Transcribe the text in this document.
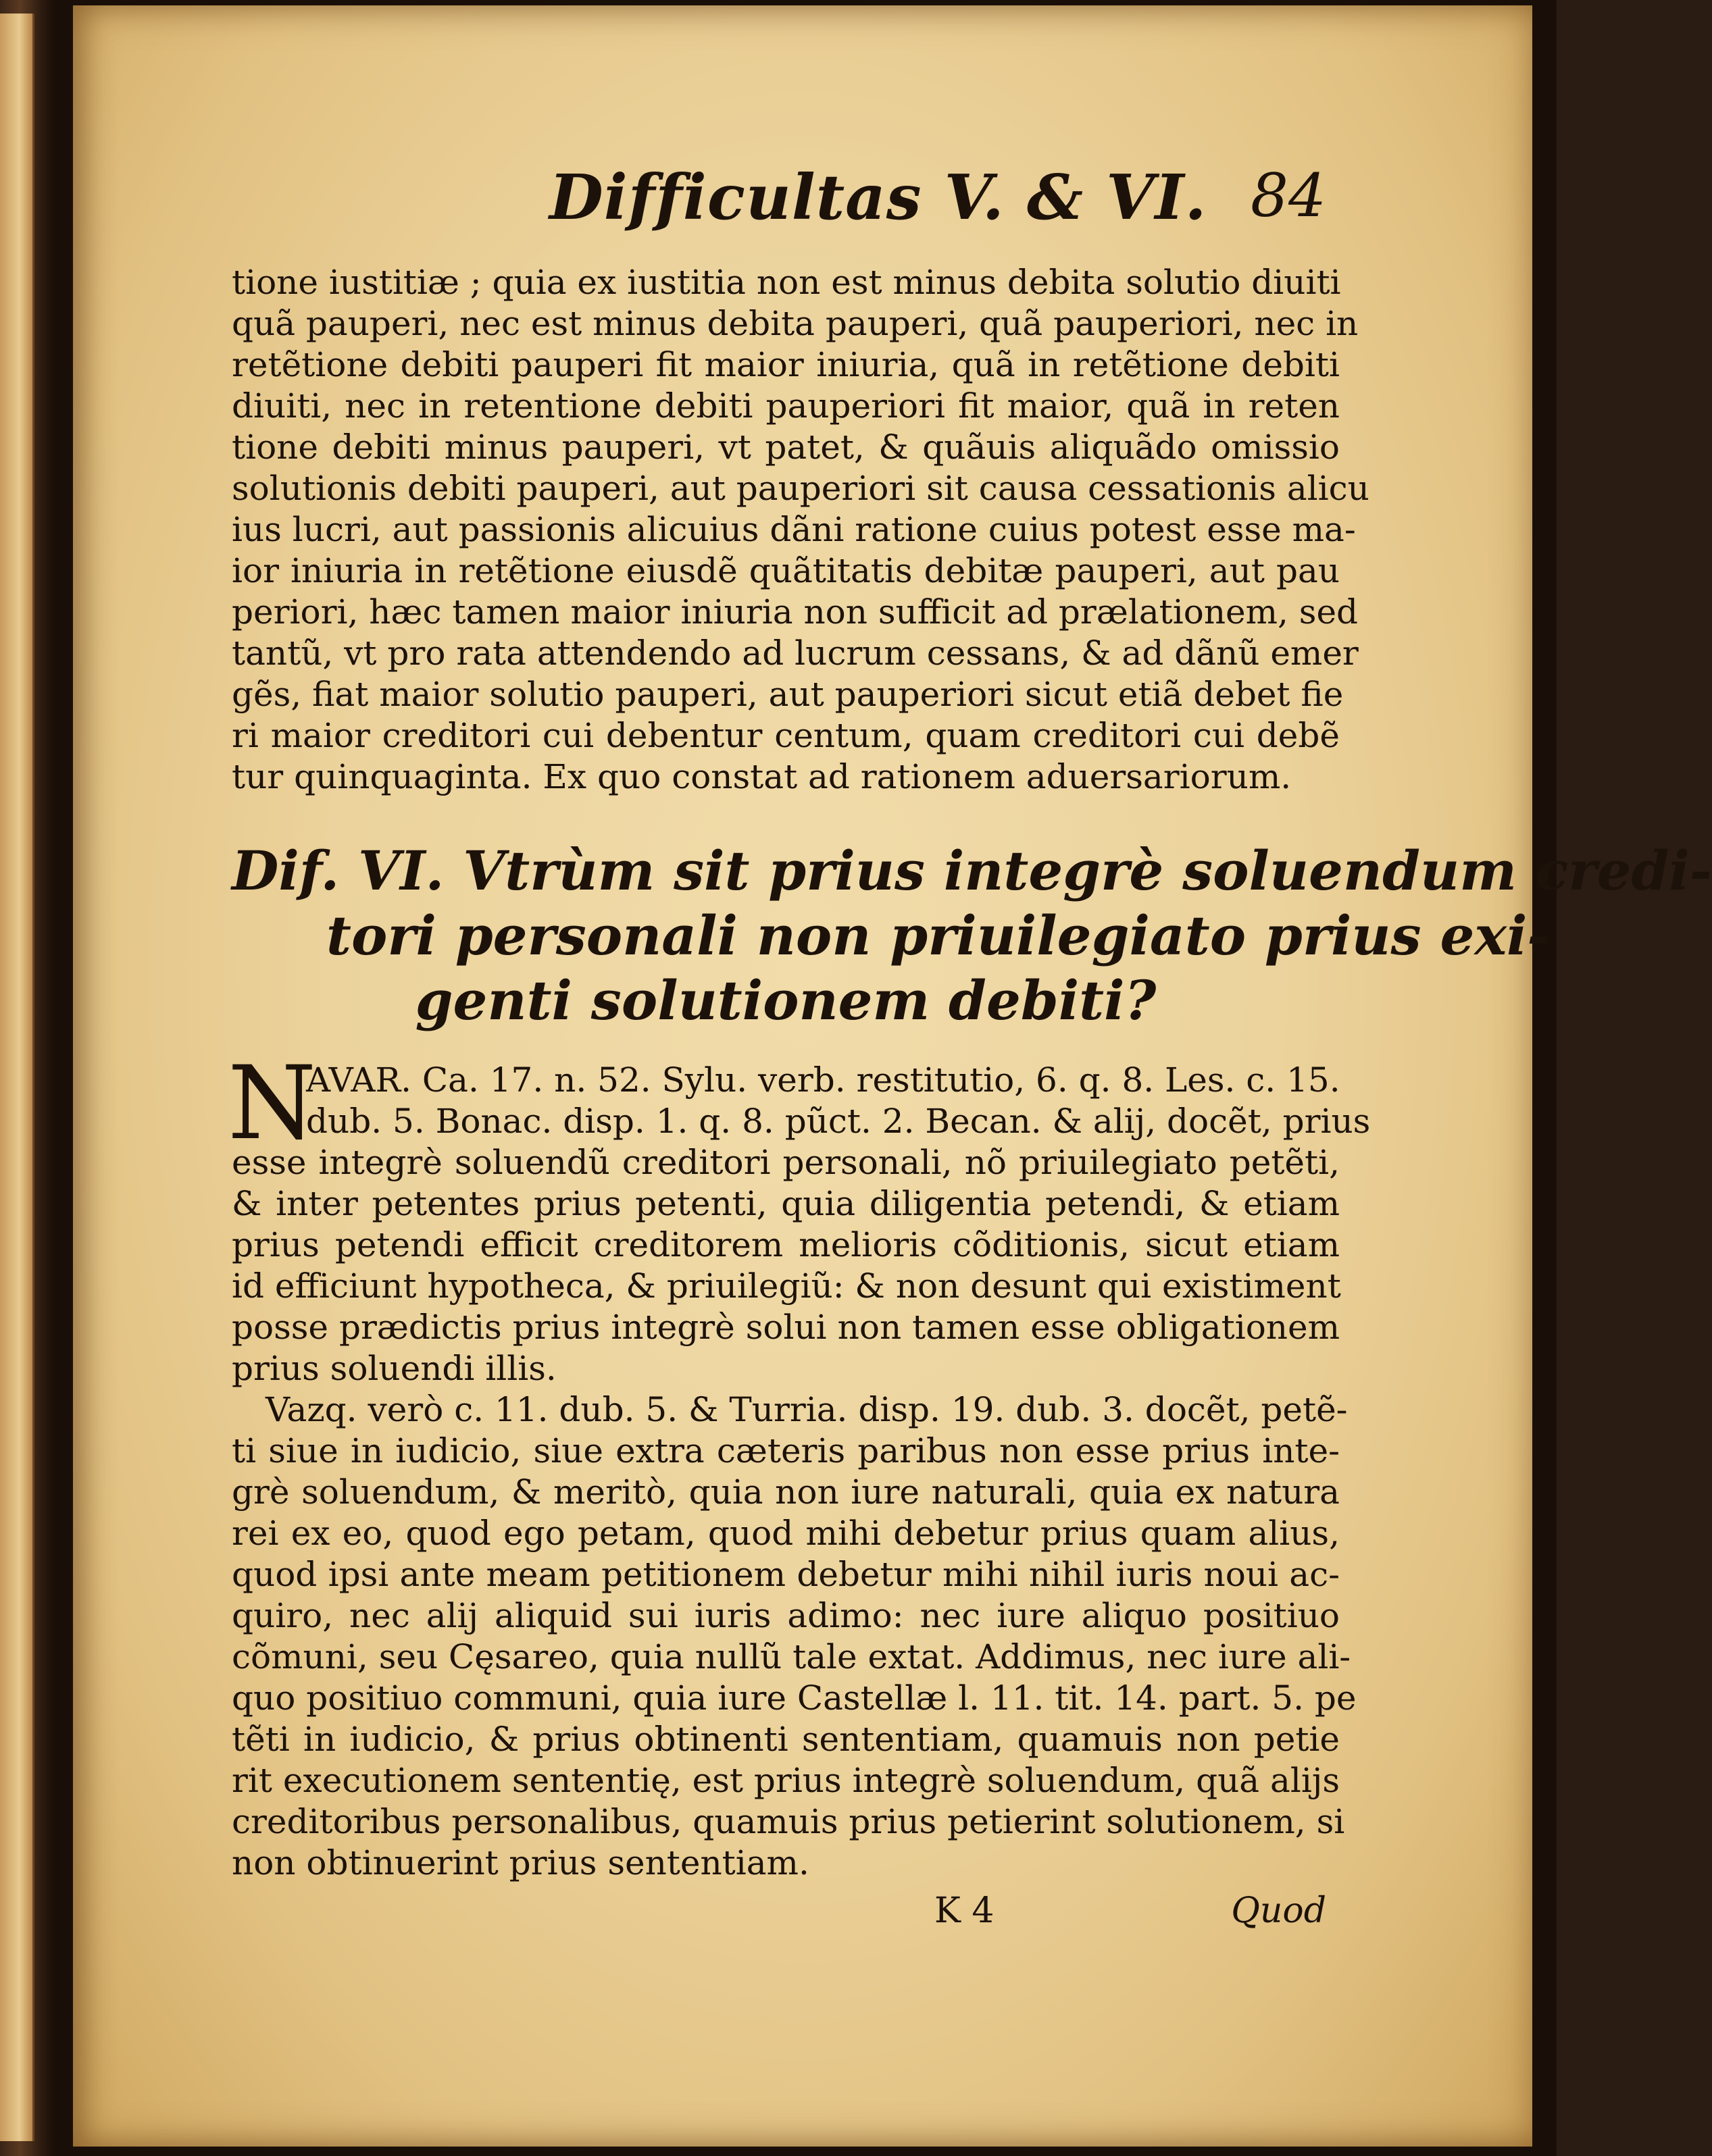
Difficultas V. & VI. 84
tione iustitiæ ; quia ex iustitia non est minus debita solutio diuiti
quã pauperi, nec est minus debita pauperi, quã pauperiori, nec in
retẽtione debiti pauperi fit maior iniuria, quã in retẽtione debiti
diuiti, nec in retentione debiti pauperiori fit maior, quã in reten
tione debiti minus pauperi, vt patet, & quãuis aliquãdo omissio
solutionis debiti pauperi, aut pauperiori sit causa cessationis alicu
ius lucri, aut passionis alicuius dãni ratione cuius potest esse ma-
ior iniuria in retẽtione eiusdẽ quãtitatis debitæ pauperi, aut pau
periori, hæc tamen maior iniuria non sufficit ad prælationem, sed
tantũ, vt pro rata attendendo ad lucrum cessans, & ad dãnũ emer
gẽs, fiat maior solutio pauperi, aut pauperiori sicut etiã debet fie
ri maior creditori cui debentur centum, quam creditori cui debẽ
tur quinquaginta. Ex quo constat ad rationem aduersariorum.
Dif. VI. Vtrùm sit prius integrè soluendum credi-
tori personali non priuilegiato prius exi-
genti solutionem debiti?
N
AVAR. Ca. 17. n. 52. Sylu. verb. restitutio, 6. q. 8. Les. c. 15.
dub. 5. Bonac. disp. 1. q. 8. pũct. 2. Becan. & alij, docẽt, prius
esse integrè soluendũ creditori personali, nõ priuilegiato petẽti,
& inter petentes prius petenti, quia diligentia petendi, & etiam
prius petendi efficit creditorem melioris cõditionis, sicut etiam
id efficiunt hypotheca, & priuilegiũ: & non desunt qui existiment
posse prædictis prius integrè solui non tamen esse obligationem
prius soluendi illis.
Vazq. verò c. 11. dub. 5. & Turria. disp. 19. dub. 3. docẽt, petẽ-
ti siue in iudicio, siue extra cæteris paribus non esse prius inte-
grè soluendum, & meritò, quia non iure naturali, quia ex natura
rei ex eo, quod ego petam, quod mihi debetur prius quam alius,
quod ipsi ante meam petitionem debetur mihi nihil iuris noui ac-
quiro, nec alij aliquid sui iuris adimo: nec iure aliquo positiuo
cõmuni, seu Cęsareo, quia nullũ tale extat. Addimus, nec iure ali-
quo positiuo communi, quia iure Castellæ l. 11. tit. 14. part. 5. pe
tẽti in iudicio, & prius obtinenti sententiam, quamuis non petie
rit executionem sententię, est prius integrè soluendum, quã alijs
creditoribus personalibus, quamuis prius petierint solutionem, si
non obtinuerint prius sententiam.
K 4	Quod
